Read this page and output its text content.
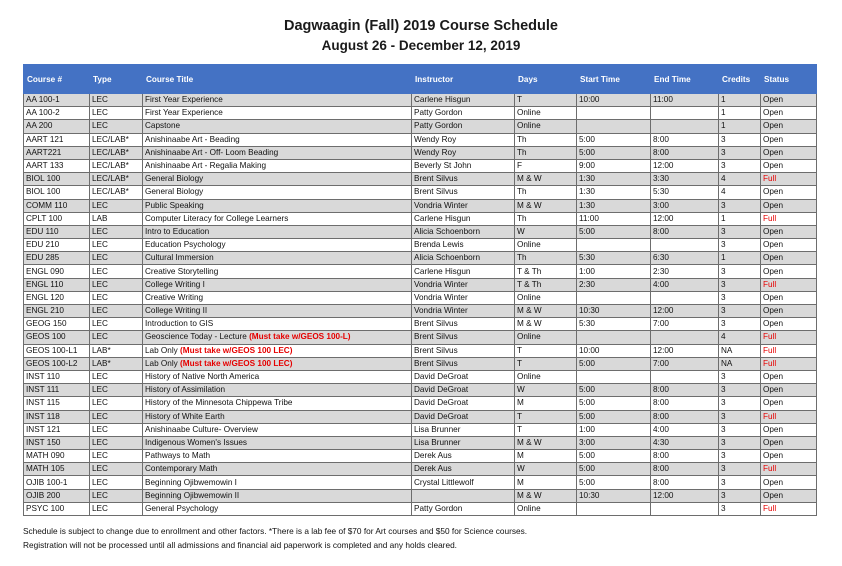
Dagwaagin (Fall) 2019 Course Schedule
August 26 - December 12, 2019
Course #	Type	Course Title	Instructor	Days	Start Time	End Time	Credits	Status
AA 100-1	LEC	First Year Experience	Carlene Hisgun	T	10:00	11:00	1	Open
AA 100-2	LEC	First Year Experience	Patty Gordon	Online			1	Open
AA 200	LEC	Capstone	Patty Gordon	Online			1	Open
AART 121	LEC/LAB*	Anishinaabe Art - Beading	Wendy Roy	Th	5:00	8:00	3	Open
AART221	LEC/LAB*	Anishinaabe Art - Off- Loom Beading	Wendy Roy	Th	5:00	8:00	3	Open
AART 133	LEC/LAB*	Anishinaabe Art - Regalia Making	Beverly St John	F	9:00	12:00	3	Open
BIOL 100	LEC/LAB*	General Biology	Brent Silvus	M & W	1:30	3:30	4	Full
BIOL 100	LEC/LAB*	General Biology	Brent Silvus	Th	1:30	5:30	4	Open
COMM 110	LEC	Public Speaking	Vondria Winter	M & W	1:30	3:00	3	Open
CPLT 100	LAB	Computer Literacy for College Learners	Carlene Hisgun	Th	11:00	12:00	1	Full
EDU 110	LEC	Intro to Education	Alicia Schoenborn	W	5:00	8:00	3	Open
EDU 210	LEC	Education Psychology	Brenda Lewis	Online			3	Open
EDU 285	LEC	Cultural Immersion	Alicia Schoenborn	Th	5:30	6:30	1	Open
ENGL 090	LEC	Creative Storytelling	Carlene Hisgun	T & Th	1:00	2:30	3	Open
ENGL 110	LEC	College Writing I	Vondria Winter	T & Th	2:30	4:00	3	Full
ENGL 120	LEC	Creative Writing	Vondria Winter	Online			3	Open
ENGL 210	LEC	College Writing II	Vondria Winter	M & W	10:30	12:00	3	Open
GEOG 150	LEC	Introduction to GIS	Brent Silvus	M & W	5:30	7:00	3	Open
GEOS 100	LEC	Geoscience Today - Lecture (Must take w/GEOS 100-L)	Brent Silvus	Online			4	Full
GEOS 100-L1	LAB*	Lab Only (Must take w/GEOS 100 LEC)	Brent Silvus	T	10:00	12:00	NA	Full
GEOS 100-L2	LAB*	Lab Only (Must take w/GEOS 100 LEC)	Brent Silvus	T	5:00	7:00	NA	Full
INST 110	LEC	History of Native North America	David DeGroat	Online			3	Open
INST 111	LEC	History of Assimilation	David DeGroat	W	5:00	8:00	3	Open
INST 115	LEC	History of the Minnesota Chippewa Tribe	David DeGroat	M	5:00	8:00	3	Open
INST 118	LEC	History of White Earth	David DeGroat	T	5:00	8:00	3	Full
INST 121	LEC	Anishinaabe Culture- Overview	Lisa Brunner	T	1:00	4:00	3	Open
INST 150	LEC	Indigenous Women's Issues	Lisa Brunner	M & W	3:00	4:30	3	Open
MATH 090	LEC	Pathways to Math	Derek Aus	M	5:00	8:00	3	Open
MATH 105	LEC	Contemporary Math	Derek Aus	W	5:00	8:00	3	Full
OJIB 100-1	LEC	Beginning Ojibwemowin I	Crystal Littlewolf	M	5:00	8:00	3	Open
OJIB 200	LEC	Beginning Ojibwemowin II		M & W	10:30	12:00	3	Open
PSYC 100	LEC	General Psychology	Patty Gordon	Online			3	Full
Schedule is subject to change due to enrollment and other factors. *There is a lab fee of $70 for Art courses and $50 for Science courses.
Registration will not be processed until all admissions and financial aid paperwork is completed and any holds cleared.
